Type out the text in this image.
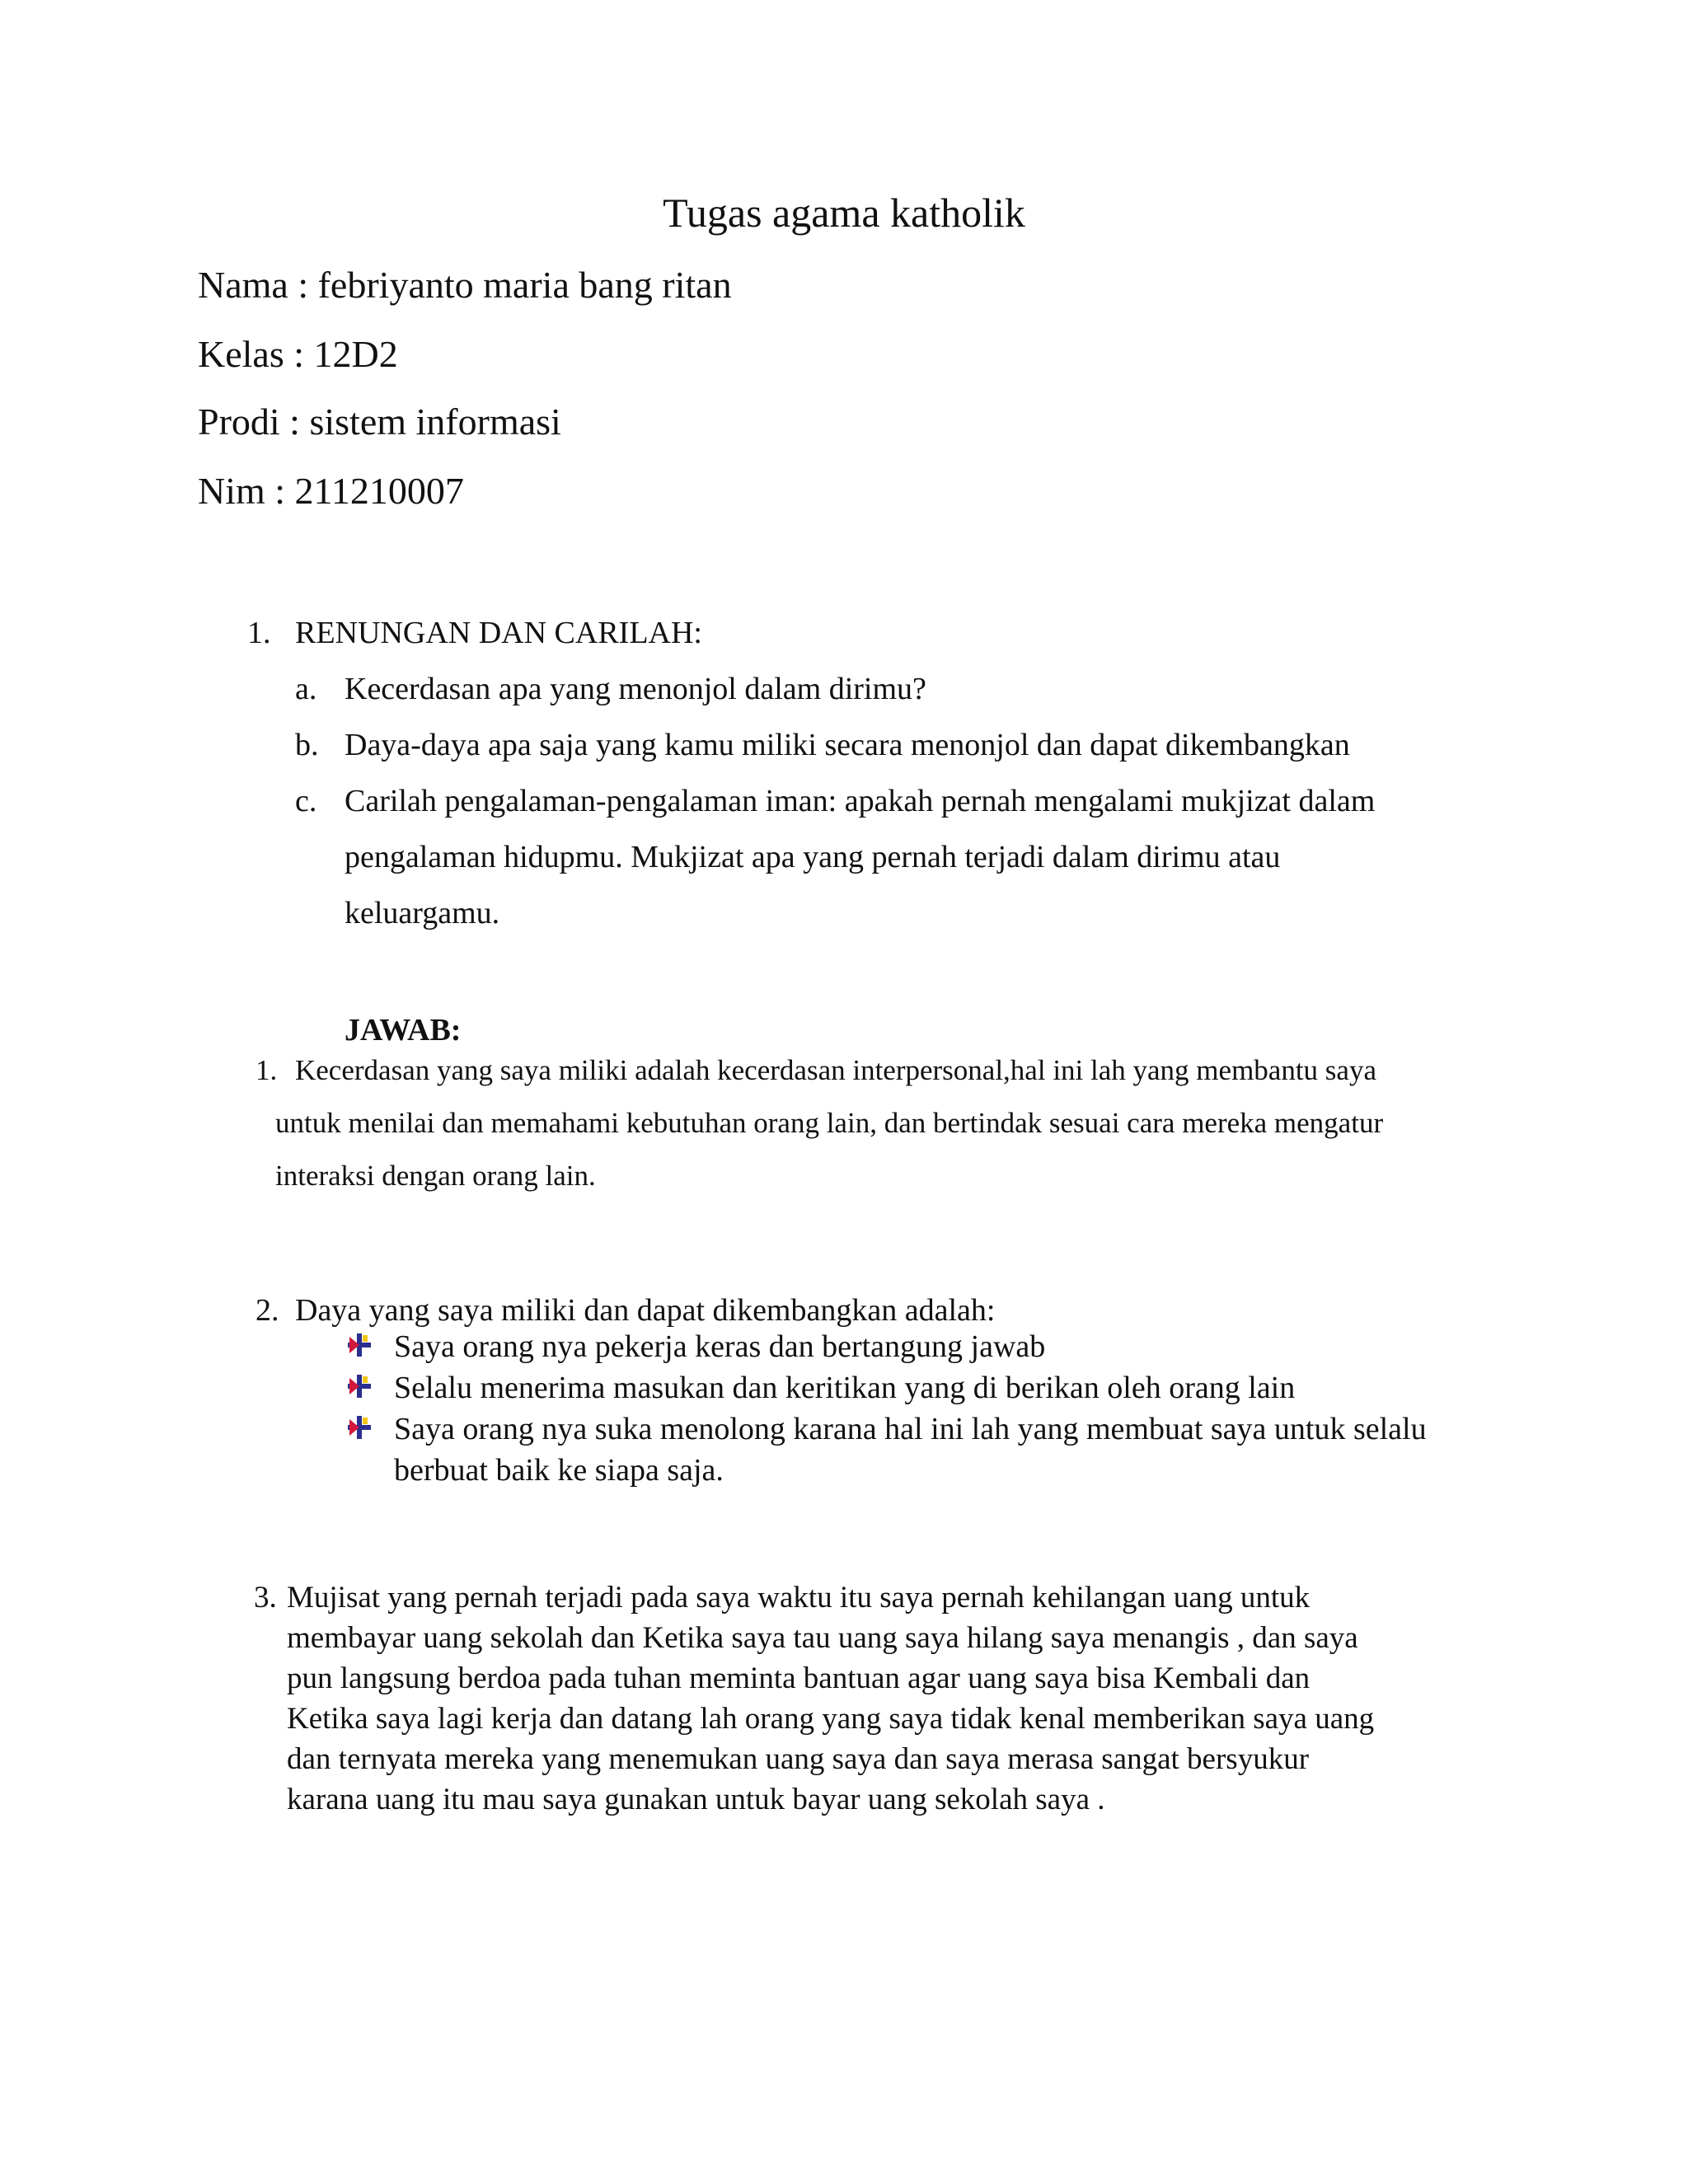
Tugas agama katholik
Nama : febriyanto maria bang ritan
Kelas : 12D2
Prodi : sistem informasi
Nim : 211210007
1. RENUNGAN DAN CARILAH:
a. Kecerdasan apa yang menonjol dalam dirimu?
b. Daya-daya apa saja yang kamu miliki secara menonjol dan dapat dikembangkan
c. Carilah pengalaman-pengalaman iman: apakah pernah mengalami mukjizat dalam
pengalaman hidupmu. Mukjizat apa yang pernah terjadi dalam dirimu atau
keluargamu.
JAWAB:
1. Kecerdasan yang saya miliki adalah kecerdasan interpersonal,hal ini lah yang membantu saya
untuk menilai dan memahami kebutuhan orang lain, dan bertindak sesuai cara mereka mengatur
interaksi dengan orang lain.
2. Daya yang saya miliki dan dapat dikembangkan adalah:
Saya orang nya pekerja keras dan bertangung jawab
Selalu menerima masukan dan keritikan yang di berikan oleh orang lain
Saya orang nya suka menolong karana hal ini lah yang membuat saya untuk selalu
berbuat baik ke siapa saja.
3. Mujisat yang pernah terjadi pada saya waktu itu saya pernah kehilangan uang untuk
membayar uang sekolah dan Ketika saya tau uang saya hilang saya menangis , dan saya
pun langsung berdoa pada tuhan meminta bantuan agar uang saya bisa Kembali dan
Ketika saya lagi kerja dan datang lah orang yang saya tidak kenal memberikan saya uang
dan ternyata mereka yang menemukan uang saya dan saya merasa sangat bersyukur
karana uang itu mau saya gunakan untuk bayar uang sekolah saya .
